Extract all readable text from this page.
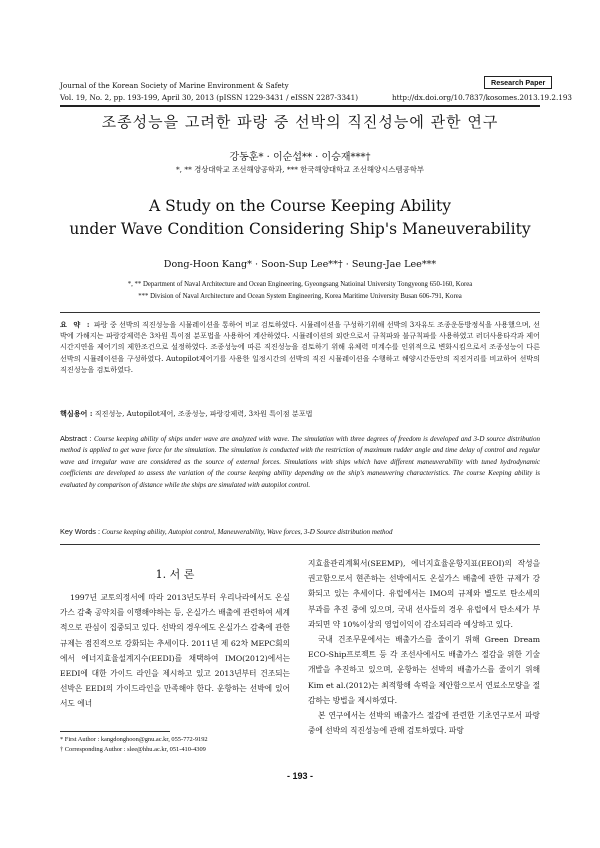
Journal of the Korean Society of Marine Environment & Safety	Research Paper
Vol. 19, No. 2, pp. 193-199, April 30, 2013 (pISSN 1229-3431 / eISSN 2287-3341)	http://dx.doi.org/10.7837/kosomes.2013.19.2.193
조종성능을 고려한 파랑 중 선박의 직진성능에 관한 연구
강동훈* · 이순섭** · 이승재***†
*, ** 경상대학교 조선해양공학과, *** 한국해양대학교 조선해양시스템공학부
A Study on the Course Keeping Ability
under Wave Condition Considering Ship's Maneuverability
Dong-Hoon Kang* · Soon-Sup Lee**† · Seung-Jae Lee***
*, ** Department of Naval Architecture and Ocean Engineering, Gyeongsang Natioinal University Tongyeong 650-160, Korea
*** Division of Naval Architecture and Ocean System Engineering, Korea Maritime University Busan 606-791, Korea
요 약 : 파랑 중 선박의 직진성능을 시뮬레이션을 통하여 비교 검토하였다. 시뮬레이션을 구성하기위해 선박의 3자유도 조종운동방정식을 사용했으며, 선박에 가해지는 파랑강제력은 3차원 특이점 분포법을 사용하여 계산하였다. 시뮬레이션의 외란으로서 규칙파와 불규칙파를 사용하였고 러더사용타각과 제어시간지연을 제어기의 제한조건으로 설정하였다. 조종성능에 따른 직진성능을 검토하기 위해 유체력 미계수를 인위적으로 변화시킴으로서 조종성능이 다른 선박의 시뮬레이션을 구성하였다. Autopilot제어기를 사용한 일정시간의 선박의 직진 시뮬레이션을 수행하고 해양시간동안의 직진거리를 비교하여 선박의 직진성능을 검토하였다.
핵심용어 : 직진성능, Autopilot제어, 조종성능, 파랑강제력, 3차원 특이점 분포법
Abstract : Course keeping ability of ships under wave are analyzed with wave. The simulation with three degrees of freedom is developed and 3-D source distribution method is applied to get wave force for the simulation. The simulation is conducted with the restriction of maximum rudder angle and time delay of control and regular wave and irregular wave are considered as the source of external forces. Simulations with ships which have different maneuverability with tuned hydrodynamic coefficients are developed to assess the variation of the course keeping ability depending on the ship's maneuvering characteristics. The course Keeping ability is evaluated by comparison of distance while the ships are simulated with autopilot control.
Key Words : Course keeping ability, Autopiot control, Maneuverability, Wave forces, 3-D Source distribution method
1. 서 론

1997년 교토의정서에 따라 2013년도부터 우리나라에서도 온실가스 감축 공약치를 이행해야하는 등, 온실가스 배출에 관련하여 세계적으로 관심이 집중되고 있다. 선박의 경우에도 온실가스 감축에 관한 규제는 점진적으로 강화되는 추세이다. 2011년 제 62차 MEPC회의에서 에너지효율설계지수(EEDI)를 채택하여 IMO(2012)에서는 EEDI에 대한 가이드 라인을 제시하고 있고 2013년부터 건조되는 선박은 EEDI의 가이드라인을 만족해야 한다. 운항하는 선박에 있어서도 에너

지효율관리계획서(SEEMP), 에너지효율운항지표(EEOI)의 작성을 권고함으로서 현존하는 선박에서도 온실가스 배출에 관한 규제가 강화되고 있는 추세이다. 유럽에서는 IMO의 규제와 별도로 탄소세의 부과를 추진 중에 있으며, 국내 선사들의 경우 유럽에서 탄소세가 부과되면 약 10%이상의 영업이익이 감소되리라 예상하고 있다.

국내 건조무문에서는 배출가스를 줄이기 위해 Green Dream ECO-Ship프로젝트 등 각 조선사에서도 배출가스 절감을 위한 기술개발을 추진하고 있으며, 운항하는 선박의 배출가스를 줄이기 위해 Kim et al.(2012)는 최적항해 속력을 제안함으로서 연료소모량을 절감하는 방법을 제시하였다.

본 연구에서는 선박의 배출가스 절감에 관련한 기초연구로서 파랑 중에 선박의 직진성능에 관해 검토하였다. 파랑

* First Author : kangdonghoon@gnu.ac.kr, 055-772-9192
† Corresponding Author : slee@hhu.ac.kr, 051-410-4309
- 193 -
